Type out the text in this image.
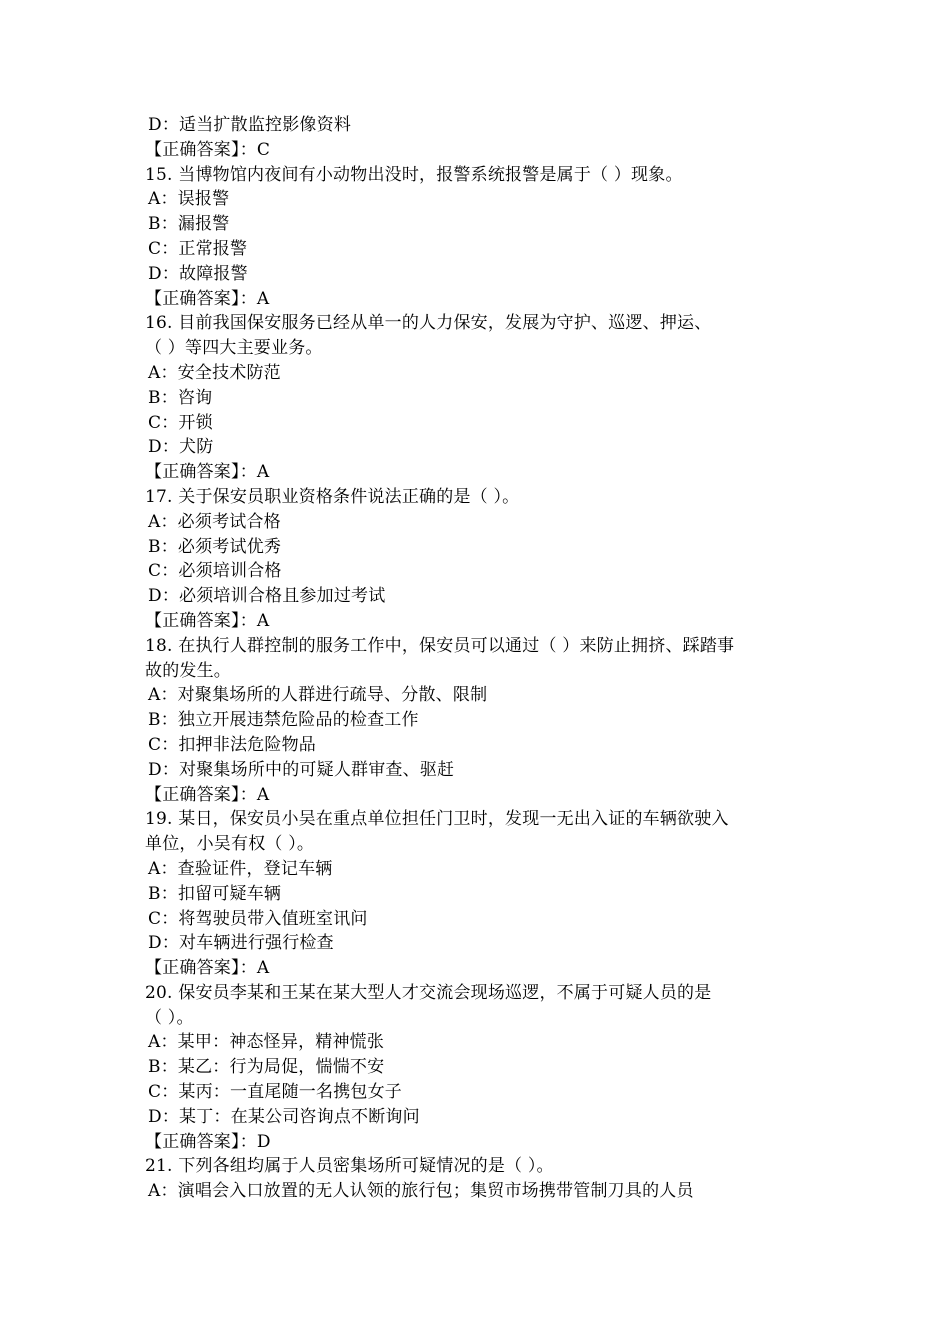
D：适当扩散监控影像资料
【正确答案】：C
15. 当博物馆内夜间有小动物出没时，报警系统报警是属于（ ）现象。
A：误报警
B：漏报警
C：正常报警
D：故障报警
【正确答案】：A
16. 目前我国保安服务已经从单一的人力保安，发展为守护、巡逻、押运、
（ ）等四大主要业务。
A：安全技术防范
B：咨询
C：开锁
D：犬防
【正确答案】：A
17. 关于保安员职业资格条件说法正确的是（ ）。
A：必须考试合格
B：必须考试优秀
C：必须培训合格
D：必须培训合格且参加过考试
【正确答案】：A
18. 在执行人群控制的服务工作中，保安员可以通过（ ）来防止拥挤、踩踏事
故的发生。
A：对聚集场所的人群进行疏导、分散、限制
B：独立开展违禁危险品的检查工作
C：扣押非法危险物品
D：对聚集场所中的可疑人群审查、驱赶
【正确答案】：A
19. 某日，保安员小吴在重点单位担任门卫时，发现一无出入证的车辆欲驶入
单位，小吴有权（ ）。
A：查验证件，登记车辆
B：扣留可疑车辆
C：将驾驶员带入值班室讯问
D：对车辆进行强行检查
【正确答案】：A
20. 保安员李某和王某在某大型人才交流会现场巡逻，不属于可疑人员的是
（ ）。
A：某甲：神态怪异，精神慌张
B：某乙：行为局促，惴惴不安
C：某丙：一直尾随一名携包女子
D：某丁：在某公司咨询点不断询问
【正确答案】：D
21. 下列各组均属于人员密集场所可疑情况的是（ ）。
A：演唱会入口放置的无人认领的旅行包；集贸市场携带管制刀具的人员
